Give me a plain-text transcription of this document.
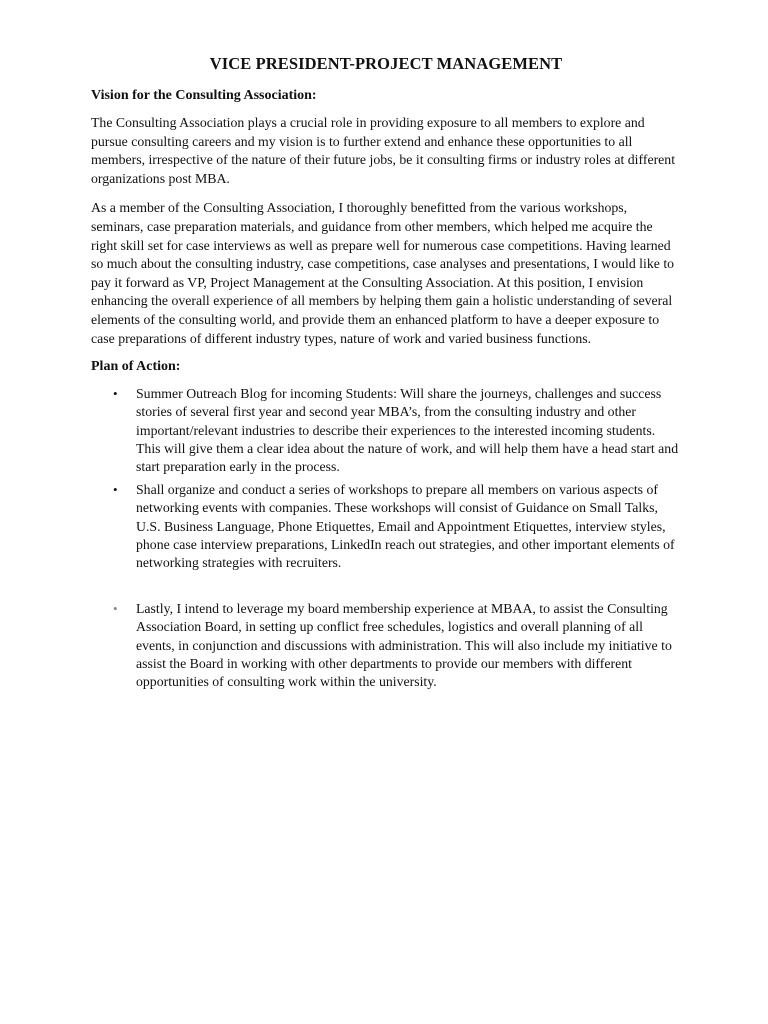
VICE PRESIDENT-PROJECT MANAGEMENT
Vision for the Consulting Association:

The Consulting Association plays a crucial role in providing exposure to all members to explore and pursue consulting careers and my vision is to further extend and enhance these opportunities to all members, irrespective of the nature of their future jobs, be it consulting firms or industry roles at different organizations post MBA.

As a member of the Consulting Association, I thoroughly benefitted from the various workshops, seminars, case preparation materials, and guidance from other members, which helped me acquire the right skill set for case interviews as well as prepare well for numerous case competitions. Having learned so much about the consulting industry, case competitions, case analyses and presentations, I would like to pay it forward as VP, Project Management at the Consulting Association. At this position, I envision enhancing the overall experience of all members by helping them gain a holistic understanding of several elements of the consulting world, and provide them an enhanced platform to have a deeper exposure to case preparations of different industry types, nature of work and varied business functions.

Plan of Action:
• Summer Outreach Blog for incoming Students: Will share the journeys, challenges and success stories of several first year and second year MBA’s, from the consulting industry and other important/relevant industries to describe their experiences to the interested incoming students. This will give them a clear idea about the nature of work, and will help them have a head start and start preparation early in the process.
• Shall organize and conduct a series of workshops to prepare all members on various aspects of networking events with companies. These workshops will consist of Guidance on Small Talks, U.S. Business Language, Phone Etiquettes, Email and Appointment Etiquettes, interview styles, phone case interview preparations, LinkedIn reach out strategies, and other important elements of networking strategies with recruiters.
• Lastly, I intend to leverage my board membership experience at MBAA, to assist the Consulting Association Board, in setting up conflict free schedules, logistics and overall planning of all events, in conjunction and discussions with administration. This will also include my initiative to assist the Board in working with other departments to provide our members with different opportunities of consulting work within the university.
